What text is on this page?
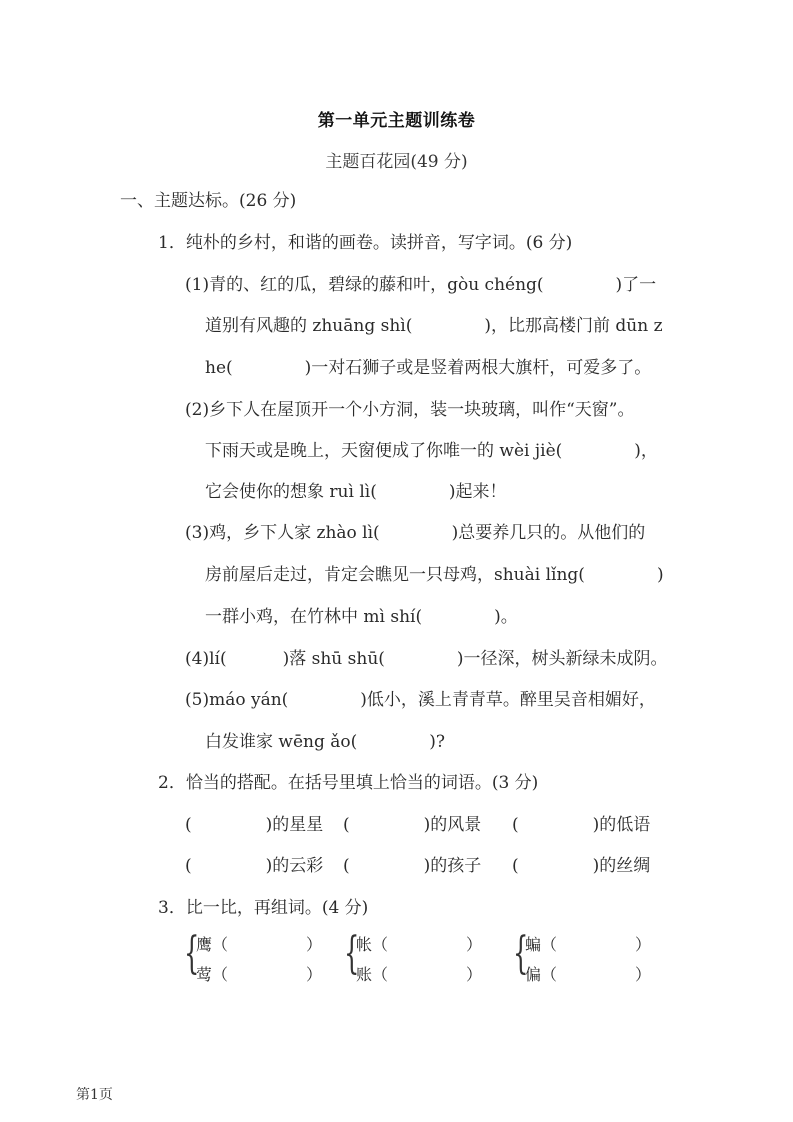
第一单元主题训练卷
主题百花园(49 分)
一、主题达标。(26 分)
1．纯朴的乡村，和谐的画卷。读拼音，写字词。(6 分)
(1)青的、红的瓜，碧绿的藤和叶，gòu chéng(	)了一
道别有风趣的 zhuāng shì(	)，比那高楼门前 dūn z
he(	)一对石狮子或是竖着两根大旗杆，可爱多了。
(2)乡下人在屋顶开一个小方洞，装一块玻璃，叫作“天窗”。
下雨天或是晚上，天窗便成了你唯一的 wèi jiè(	)，
它会使你的想象 ruì lì(	)起来！
(3)鸡，乡下人家 zhào lì(	)总要养几只的。从他们的
房前屋后走过，肯定会瞧见一只母鸡，shuài lǐng(	)
一群小鸡，在竹林中 mì shí(	)。
(4)lí(	)落 shū shū(	)一径深，树头新绿未成阴。
(5)máo yán(	)低小，溪上青青草。醉里吴音相媚好，
白发谁家 wēng ǎo(	)?
2．恰当的搭配。在括号里填上恰当的词语。(3 分)
(	)的星星 (	)的风景 (	)的低语
(	)的云彩 (	)的孩子 (	)的丝绸
3．比一比，再组词。(4 分)
{
鹰（	）
莺（	） {
帐（	）
账（	） {
蝙（	）
偏（	）
第1页
